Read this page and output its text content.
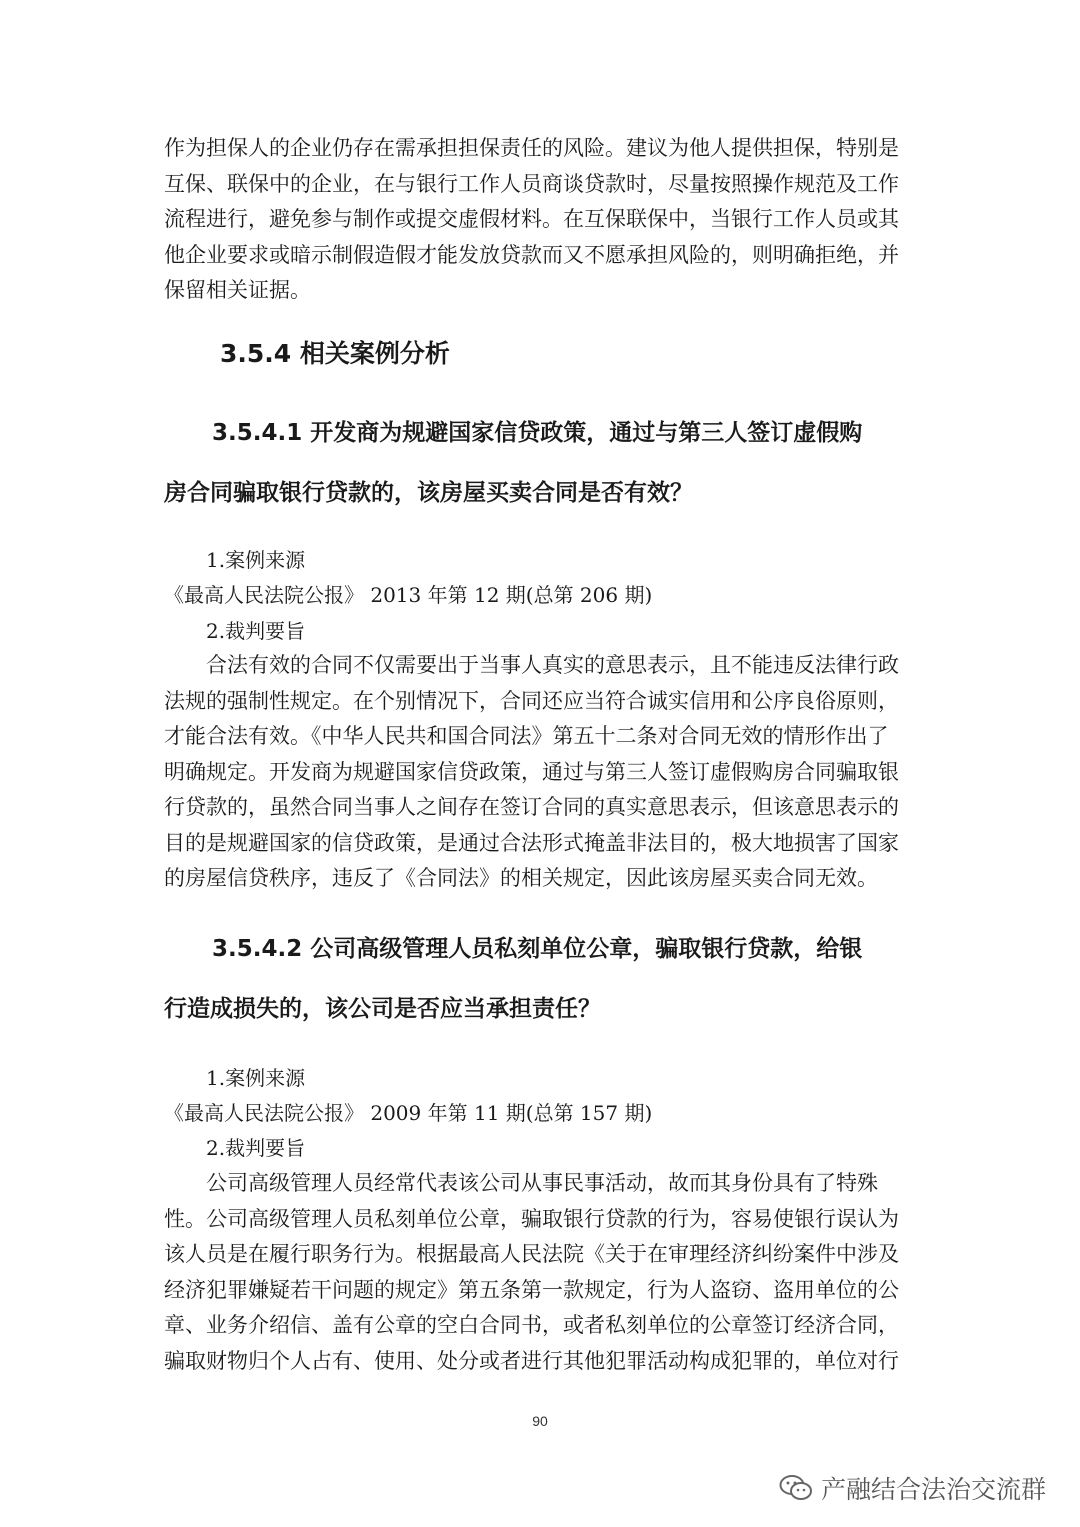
作为担保人的企业仍存在需承担担保责任的风险。建议为他人提供担保，特别是
互保、联保中的企业，在与银行工作人员商谈贷款时，尽量按照操作规范及工作
流程进行，避免参与制作或提交虚假材料。在互保联保中，当银行工作人员或其
他企业要求或暗示制假造假才能发放贷款而又不愿承担风险的，则明确拒绝，并
保留相关证据。
3.5.4 相关案例分析
3.5.4.1 开发商为规避国家信贷政策，通过与第三人签订虚假购
房合同骗取银行贷款的，该房屋买卖合同是否有效？
1.案例来源
《最高人民法院公报》 2013 年第 12 期(总第 206 期)
2.裁判要旨
合法有效的合同不仅需要出于当事人真实的意思表示，且不能违反法律行政
法规的强制性规定。在个别情况下，合同还应当符合诚实信用和公序良俗原则，
才能合法有效。《中华人民共和国合同法》第五十二条对合同无效的情形作出了
明确规定。开发商为规避国家信贷政策，通过与第三人签订虚假购房合同骗取银
行贷款的，虽然合同当事人之间存在签订合同的真实意思表示，但该意思表示的
目的是规避国家的信贷政策，是通过合法形式掩盖非法目的，极大地损害了国家
的房屋信贷秩序，违反了《合同法》的相关规定，因此该房屋买卖合同无效。
3.5.4.2 公司高级管理人员私刻单位公章，骗取银行贷款，给银
行造成损失的，该公司是否应当承担责任？
1.案例来源
《最高人民法院公报》 2009 年第 11 期(总第 157 期)
2.裁判要旨
公司高级管理人员经常代表该公司从事民事活动，故而其身份具有了特殊
性。公司高级管理人员私刻单位公章，骗取银行贷款的行为，容易使银行误认为
该人员是在履行职务行为。根据最高人民法院《关于在审理经济纠纷案件中涉及
经济犯罪嫌疑若干问题的规定》第五条第一款规定，行为人盗窃、盗用单位的公
章、业务介绍信、盖有公章的空白合同书，或者私刻单位的公章签订经济合同，
骗取财物归个人占有、使用、处分或者进行其他犯罪活动构成犯罪的，单位对行
90
产融结合法治交流群
